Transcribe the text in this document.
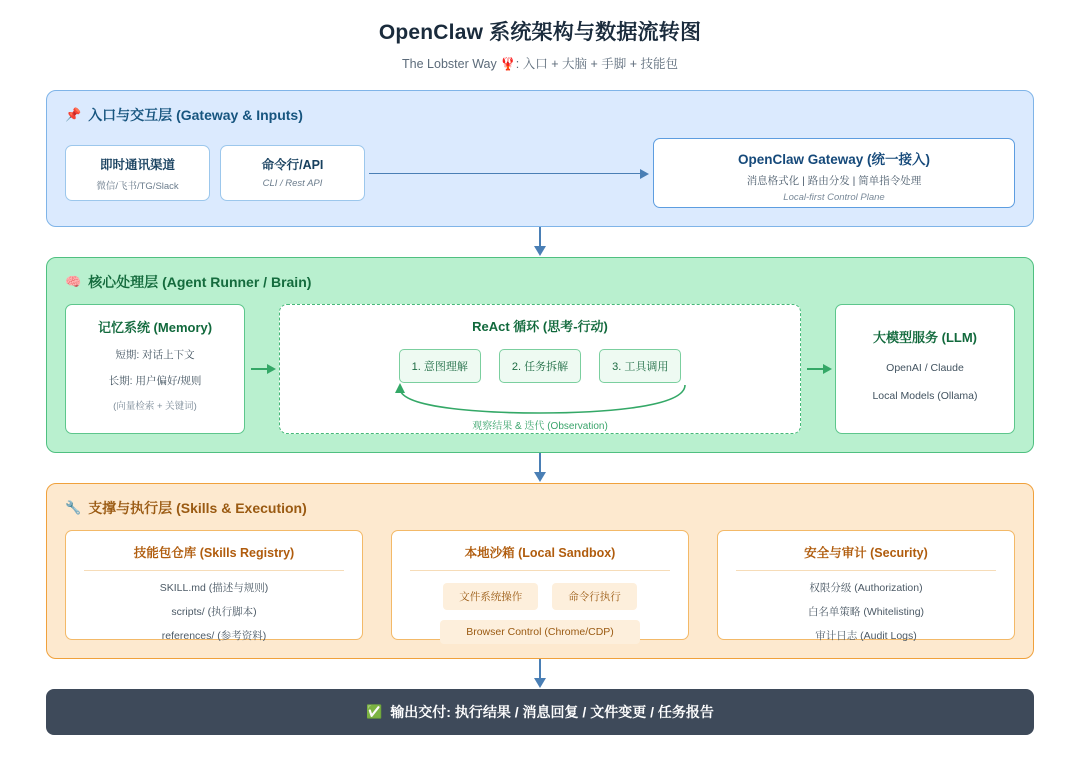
OpenClaw 系统架构与数据流转图
The Lobster Way 🦞: 入口 + 大脑 + 手脚 + 技能包
📌 入口与交互层 (Gateway & Inputs)
即时通讯渠道
微信/飞书/TG/Slack
命令行/API
CLI / Rest API
OpenClaw Gateway (统一接入)
消息格式化 | 路由分发 | 简单指令处理
Local-first Control Plane
🧠 核心处理层 (Agent Runner / Brain)
记忆系统 (Memory)
短期: 对话上下文
长期: 用户偏好/规则
(向量检索 + 关键词)
ReAct 循环 (思考-行动)
1. 意图理解	2. 任务拆解	3. 工具调用
观察结果 & 迭代 (Observation)
大模型服务 (LLM)
OpenAI / Claude
Local Models (Ollama)
🔧 支撑与执行层 (Skills & Execution)
技能包仓库 (Skills Registry)
SKILL.md (描述与规则)
scripts/ (执行脚本)
references/ (参考资料)
本地沙箱 (Local Sandbox)
文件系统操作	命令行执行
Browser Control (Chrome/CDP)
安全与审计 (Security)
权限分级 (Authorization)
白名单策略 (Whitelisting)
审计日志 (Audit Logs)
✅ 输出交付: 执行结果 / 消息回复 / 文件变更 / 任务报告
